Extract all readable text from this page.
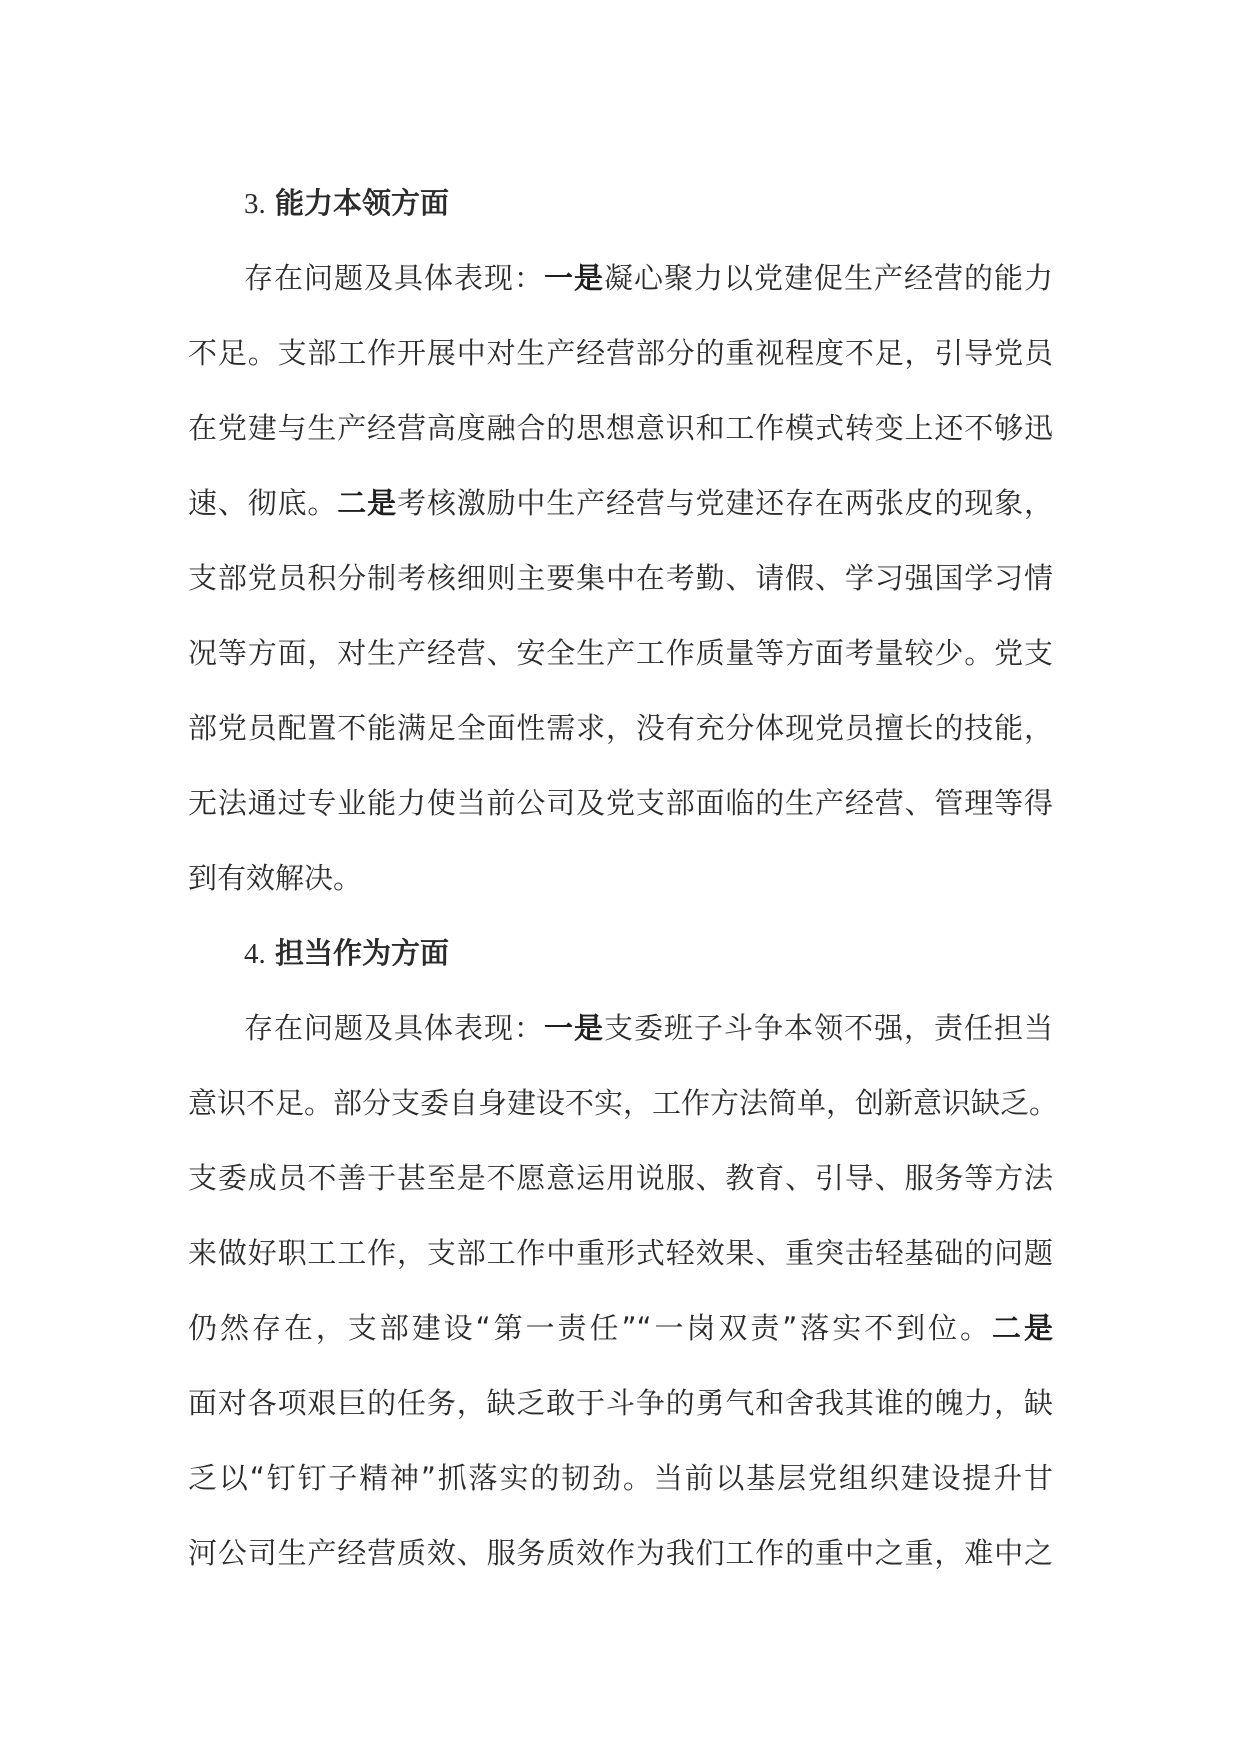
3. 能力本领方面
存在问题及具体表现：一是凝心聚力以党建促生产经营的能力
不足。支部工作开展中对生产经营部分的重视程度不足，引导党员
在党建与生产经营高度融合的思想意识和工作模式转变上还不够迅
速、彻底。二是考核激励中生产经营与党建还存在两张皮的现象，
支部党员积分制考核细则主要集中在考勤、请假、学习强国学习情
况等方面，对生产经营、安全生产工作质量等方面考量较少。党支
部党员配置不能满足全面性需求，没有充分体现党员擅长的技能，
无法通过专业能力使当前公司及党支部面临的生产经营、管理等得
到有效解决。
4. 担当作为方面
存在问题及具体表现：一是支委班子斗争本领不强，责任担当
意识不足。部分支委自身建设不实，工作方法简单，创新意识缺乏。
支委成员不善于甚至是不愿意运用说服、教育、引导、服务等方法
来做好职工工作，支部工作中重形式轻效果、重突击轻基础的问题
仍然存在，支部建设“第一责任”“一岗双责”落实不到位。二是
面对各项艰巨的任务，缺乏敢于斗争的勇气和舍我其谁的魄力，缺
乏以“钉钉子精神”抓落实的韧劲。当前以基层党组织建设提升甘
河公司生产经营质效、服务质效作为我们工作的重中之重，难中之
